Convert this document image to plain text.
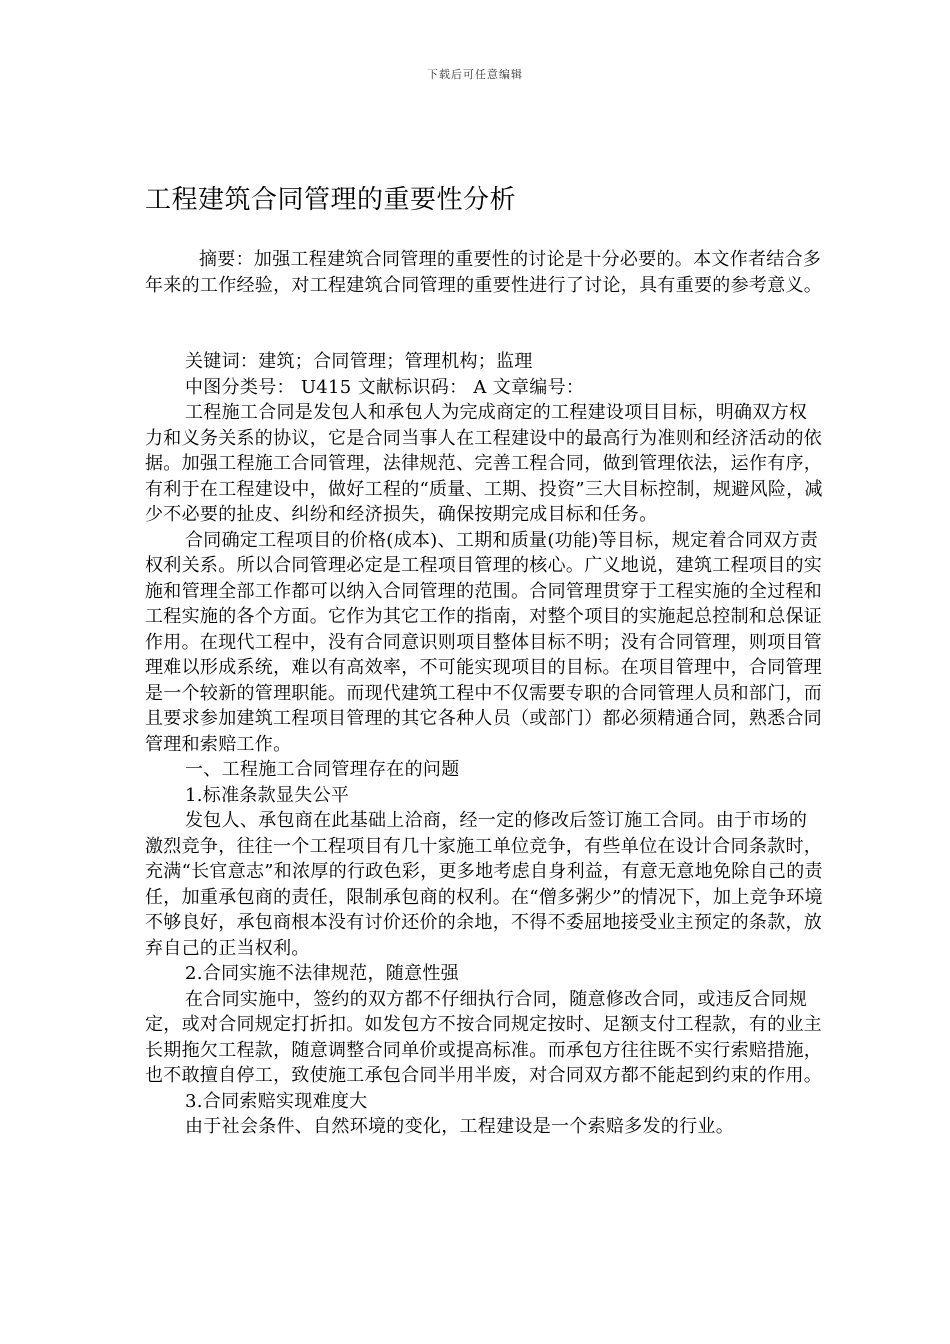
下载后可任意编辑
工程建筑合同管理的重要性分析

摘要：加强工程建筑合同管理的重要性的讨论是十分必要的。本文作者结合多年来的工作经验，对工程建筑合同管理的重要性进行了讨论，具有重要的参考意义。

关键词：建筑；合同管理；管理机构；监理

中图分类号： U415 文献标识码： A 文章编号：

工程施工合同是发包人和承包人为完成商定的工程建设项目目标，明确双方权力和义务关系的协议，它是合同当事人在工程建设中的最高行为准则和经济活动的依据。加强工程施工合同管理，法律规范、完善工程合同，做到管理依法，运作有序，有利于在工程建设中，做好工程的“质量、工期、投资”三大目标控制，规避风险，减少不必要的扯皮、纠纷和经济损失，确保按期完成目标和任务。

合同确定工程项目的价格(成本)、工期和质量(功能)等目标，规定着合同双方责权利关系。所以合同管理必定是工程项目管理的核心。广义地说，建筑工程项目的实施和管理全部工作都可以纳入合同管理的范围。合同管理贯穿于工程实施的全过程和工程实施的各个方面。它作为其它工作的指南，对整个项目的实施起总控制和总保证作用。在现代工程中，没有合同意识则项目整体目标不明；没有合同管理，则项目管理难以形成系统，难以有高效率，不可能实现项目的目标。在项目管理中，合同管理是一个较新的管理职能。而现代建筑工程中不仅需要专职的合同管理人员和部门，而且要求参加建筑工程项目管理的其它各种人员（或部门）都必须精通合同，熟悉合同管理和索赔工作。

一、工程施工合同管理存在的问题

1.标准条款显失公平

发包人、承包商在此基础上洽商，经一定的修改后签订施工合同。由于市场的激烈竞争，往往一个工程项目有几十家施工单位竞争，有些单位在设计合同条款时，充满“长官意志”和浓厚的行政色彩，更多地考虑自身利益，有意无意地免除自己的责任，加重承包商的责任，限制承包商的权利。在“僧多粥少”的情况下，加上竞争环境不够良好，承包商根本没有讨价还价的余地，不得不委屈地接受业主预定的条款，放弃自己的正当权利。

2.合同实施不法律规范，随意性强

在合同实施中，签约的双方都不仔细执行合同，随意修改合同，或违反合同规定，或对合同规定打折扣。如发包方不按合同规定按时、足额支付工程款，有的业主长期拖欠工程款，随意调整合同单价或提高标准。而承包方往往既不实行索赔措施，也不敢擅自停工，致使施工承包合同半用半废，对合同双方都不能起到约束的作用。

3.合同索赔实现难度大

由于社会条件、自然环境的变化，工程建设是一个索赔多发的行业。
